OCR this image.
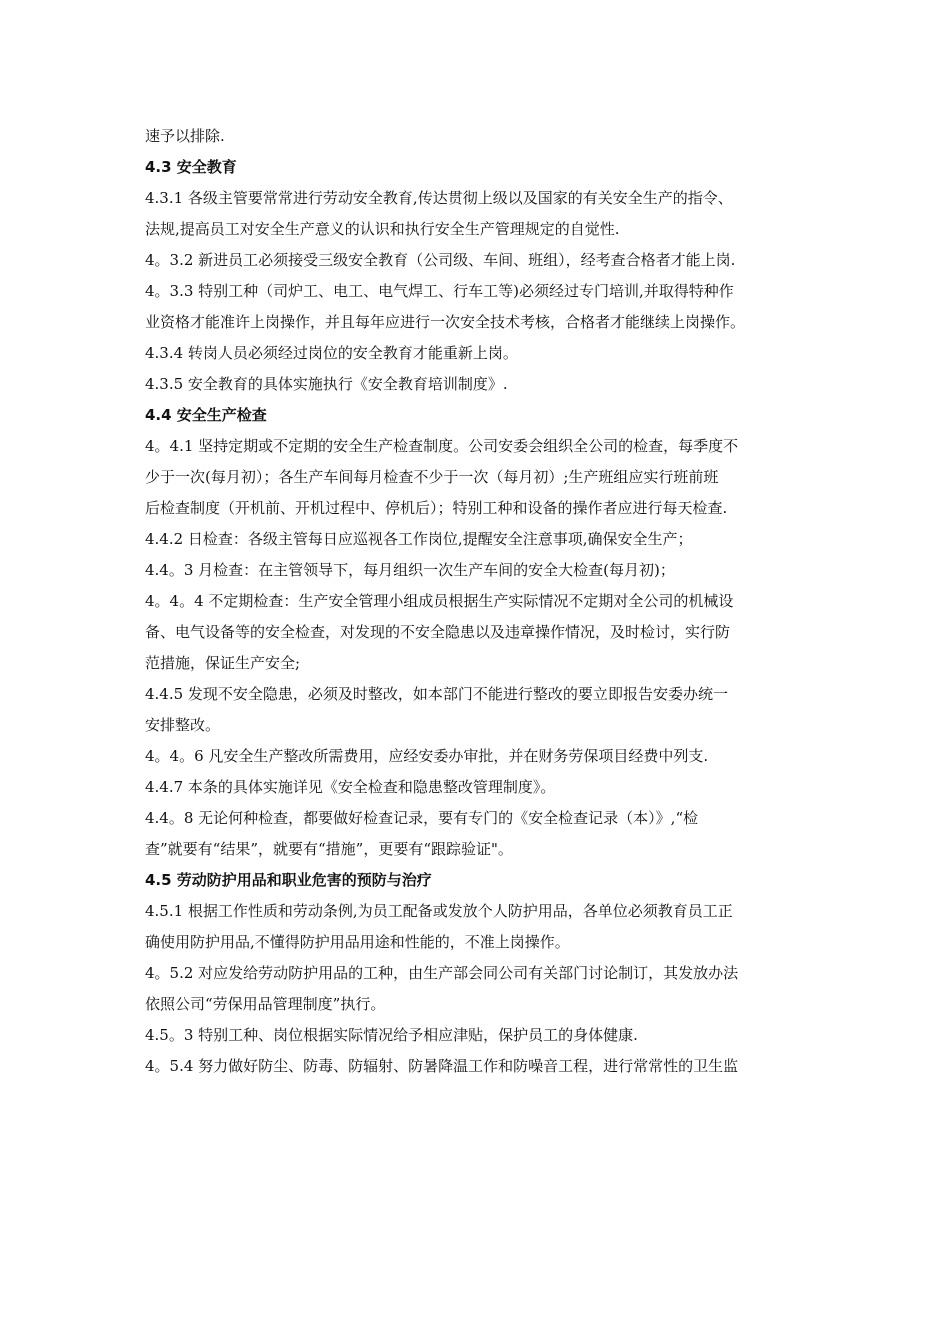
速予以排除.
4.3 安全教育
4.3.1 各级主管要常常进行劳动安全教育,传达贯彻上级以及国家的有关安全生产的指令、
法规,提高员工对安全生产意义的认识和执行安全生产管理规定的自觉性.
4。3.2 新进员工必须接受三级安全教育（公司级、车间、班组），经考查合格者才能上岗.
4。3.3 特别工种（司炉工、电工、电气焊工、行车工等)必须经过专门培训,并取得特种作
业资格才能准许上岗操作，并且每年应进行一次安全技术考核，合格者才能继续上岗操作。
4.3.4 转岗人员必须经过岗位的安全教育才能重新上岗。
4.3.5 安全教育的具体实施执行《安全教育培训制度》.
4.4 安全生产检查
4。4.1 坚持定期或不定期的安全生产检查制度。公司安委会组织全公司的检查，每季度不
少于一次(每月初）；各生产车间每月检查不少于一次（每月初）;生产班组应实行班前班
后检查制度（开机前、开机过程中、停机后）；特别工种和设备的操作者应进行每天检查.
4.4.2 日检查：各级主管每日应巡视各工作岗位,提醒安全注意事项,确保安全生产；
4.4。3 月检查：在主管领导下，每月组织一次生产车间的安全大检查(每月初)；
4。4。4 不定期检查：生产安全管理小组成员根据生产实际情况不定期对全公司的机械设
备、电气设备等的安全检查，对发现的不安全隐患以及违章操作情况，及时检讨，实行防
范措施，保证生产安全;
4.4.5 发现不安全隐患，必须及时整改，如本部门不能进行整改的要立即报告安委办统一
安排整改。
4。4。6 凡安全生产整改所需费用，应经安委办审批，并在财务劳保项目经费中列支.
4.4.7 本条的具体实施详见《安全检查和隐患整改管理制度》。
4.4。8 无论何种检查，都要做好检查记录，要有专门的《安全检查记录（本）》,“检
查”就要有“结果”，就要有“措施”，更要有“跟踪验证"。
4.5 劳动防护用品和职业危害的预防与治疗
4.5.1 根据工作性质和劳动条例,为员工配备或发放个人防护用品，各单位必须教育员工正
确使用防护用品,不懂得防护用品用途和性能的，不准上岗操作。
4。5.2 对应发给劳动防护用品的工种，由生产部会同公司有关部门讨论制订，其发放办法
依照公司“劳保用品管理制度”执行。
4.5。3 特别工种、岗位根据实际情况给予相应津贴，保护员工的身体健康.
4。5.4 努力做好防尘、防毒、防辐射、防暑降温工作和防噪音工程，进行常常性的卫生监
